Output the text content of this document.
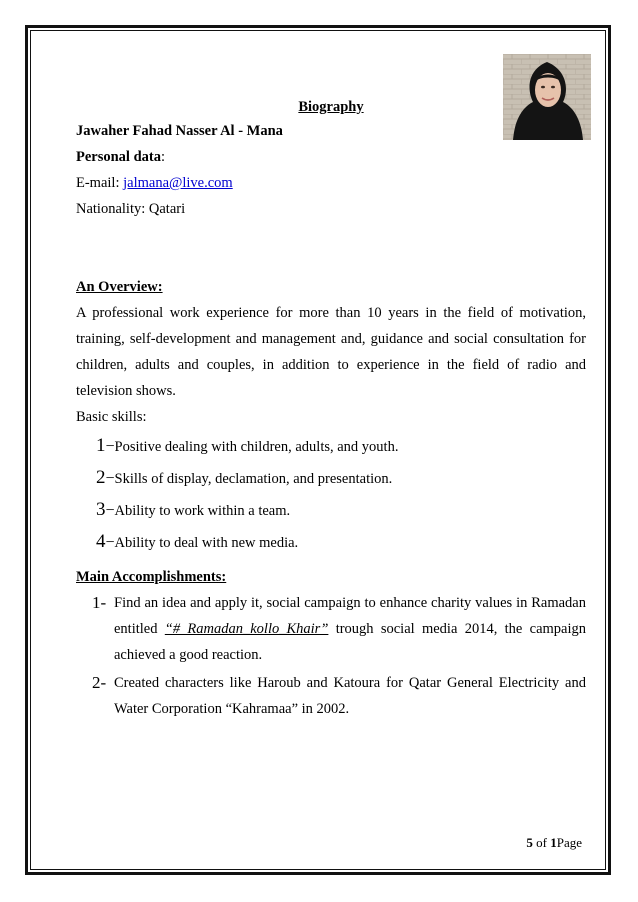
Biography
Jawaher Fahad Nasser Al - Mana
Personal data:
E-mail: jalmana@live.com
Nationality: Qatari
An Overview:

A professional work experience for more than 10 years in the field of motivation, training, self-development and management and, guidance and social consultation for children, adults and couples, in addition to experience in the field of radio and television shows.

Basic skills:
1−Positive dealing with children, adults, and youth.
2−Skills of display, declamation, and presentation.
3−Ability to work within a team.
4−Ability to deal with new media.
Main Accomplishments:
1- Find an idea and apply it, social campaign to enhance charity values in Ramadan entitled “# Ramadan_kollo_Khair” trough social media 2014, the campaign achieved a good reaction.
2- Created characters like Haroub and Katoura for Qatar General Electricity and Water Corporation “Kahramaa” in 2002.
5 of 1Page
